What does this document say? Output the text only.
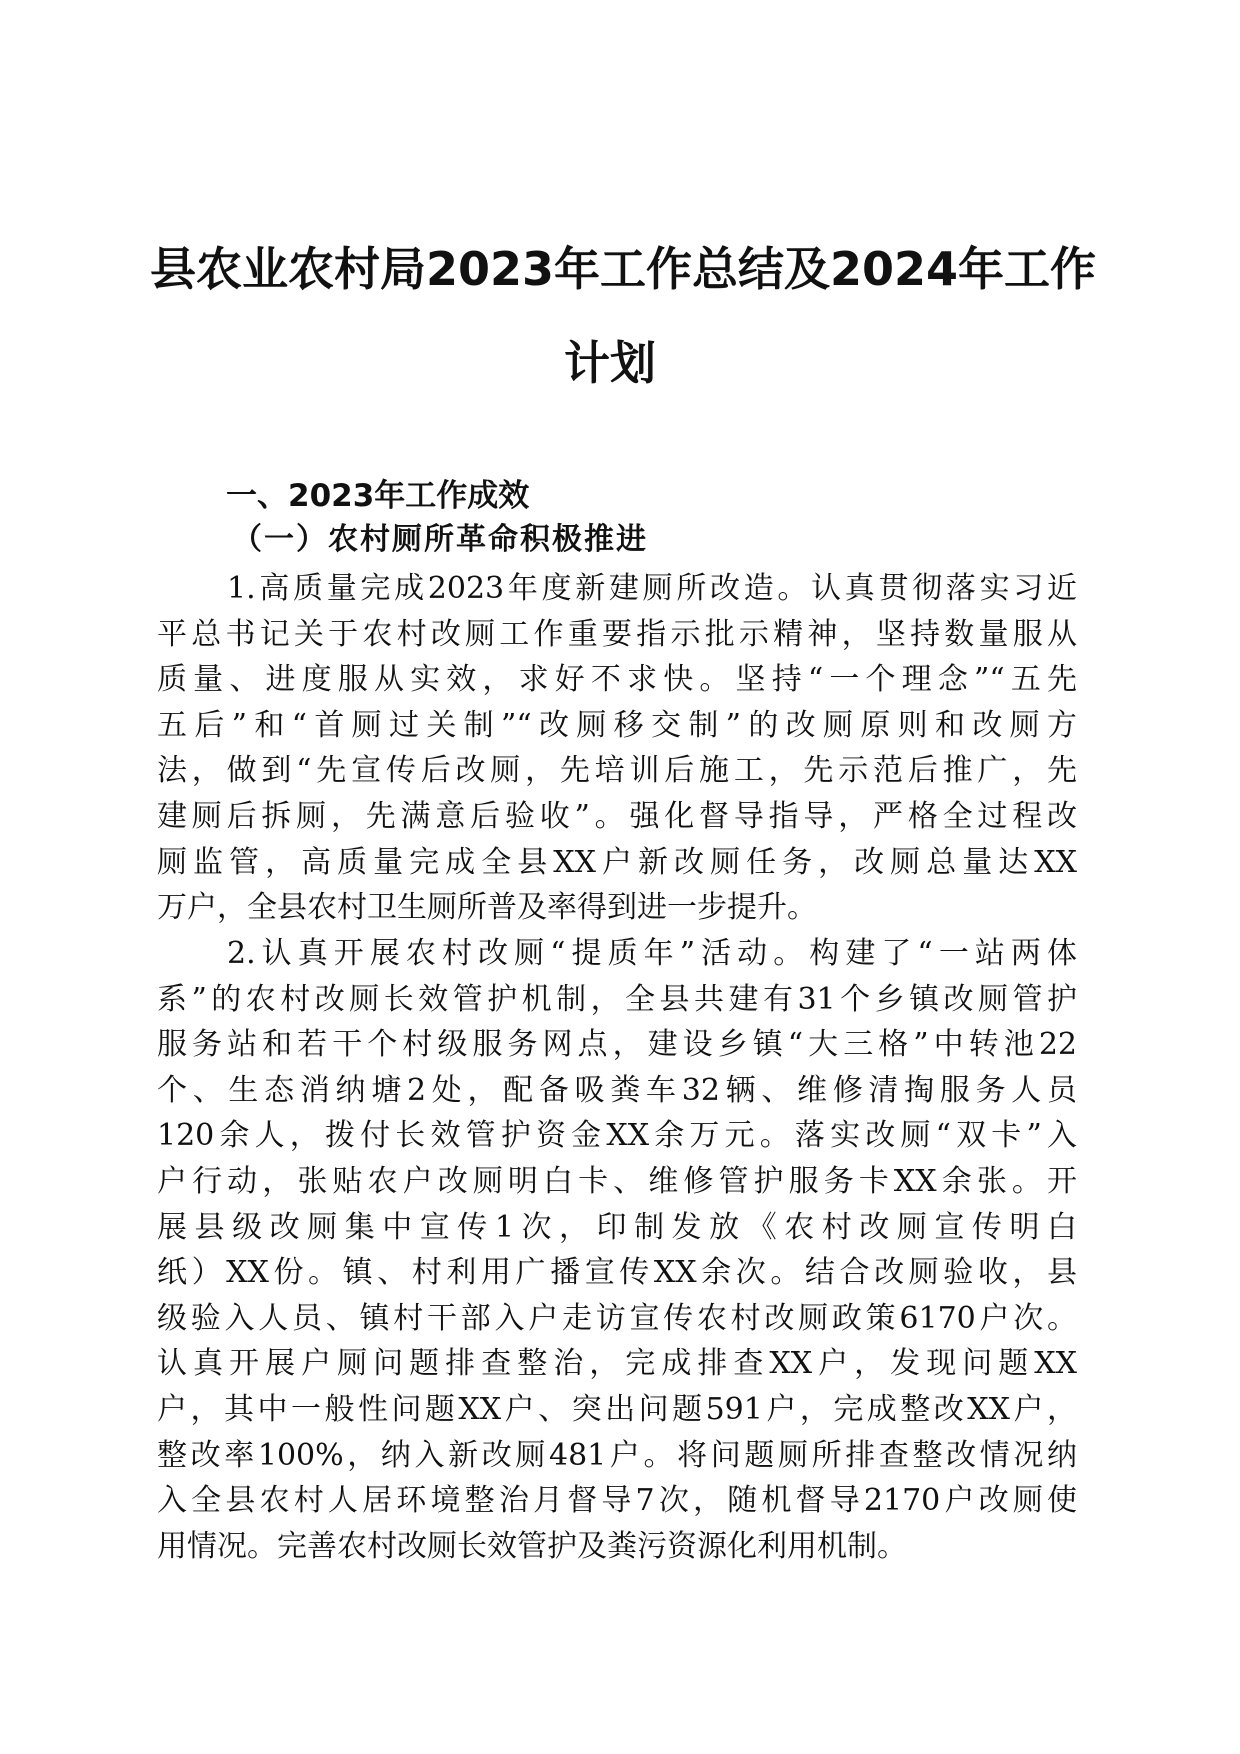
县农业农村局2023年工作总结及2024年工作
计划
一、2023年工作成效
（一）农村厕所革命积极推进
1.高质量完成2023年度新建厕所改造。认真贯彻落实习近
平总书记关于农村改厕工作重要指示批示精神，坚持数量服从
质量、进度服从实效，求好不求快。坚持“一个理念”“五先
五后”和“首厕过关制”“改厕移交制”的改厕原则和改厕方
法，做到“先宣传后改厕，先培训后施工，先示范后推广，先
建厕后拆厕，先满意后验收”。强化督导指导，严格全过程改
厕监管，高质量完成全县XX户新改厕任务，改厕总量达XX
万户，全县农村卫生厕所普及率得到进一步提升。
2.认真开展农村改厕“提质年”活动。构建了“一站两体
系”的农村改厕长效管护机制，全县共建有31个乡镇改厕管护
服务站和若干个村级服务网点，建设乡镇“大三格”中转池22
个、生态消纳塘2处，配备吸粪车32辆、维修清掏服务人员
120余人，拨付长效管护资金XX余万元。落实改厕“双卡”入
户行动，张贴农户改厕明白卡、维修管护服务卡XX余张。开
展县级改厕集中宣传1次，印制发放《农村改厕宣传明白
纸）XX份。镇、村利用广播宣传XX余次。结合改厕验收，县
级验入人员、镇村干部入户走访宣传农村改厕政策6170户次。
认真开展户厕问题排查整治，完成排查XX户，发现问题XX
户，其中一般性问题XX户、突出问题591户，完成整改XX户，
整改率100%，纳入新改厕481户。将问题厕所排查整改情况纳
入全县农村人居环境整治月督导7次，随机督导2170户改厕使
用情况。完善农村改厕长效管护及粪污资源化利用机制。
